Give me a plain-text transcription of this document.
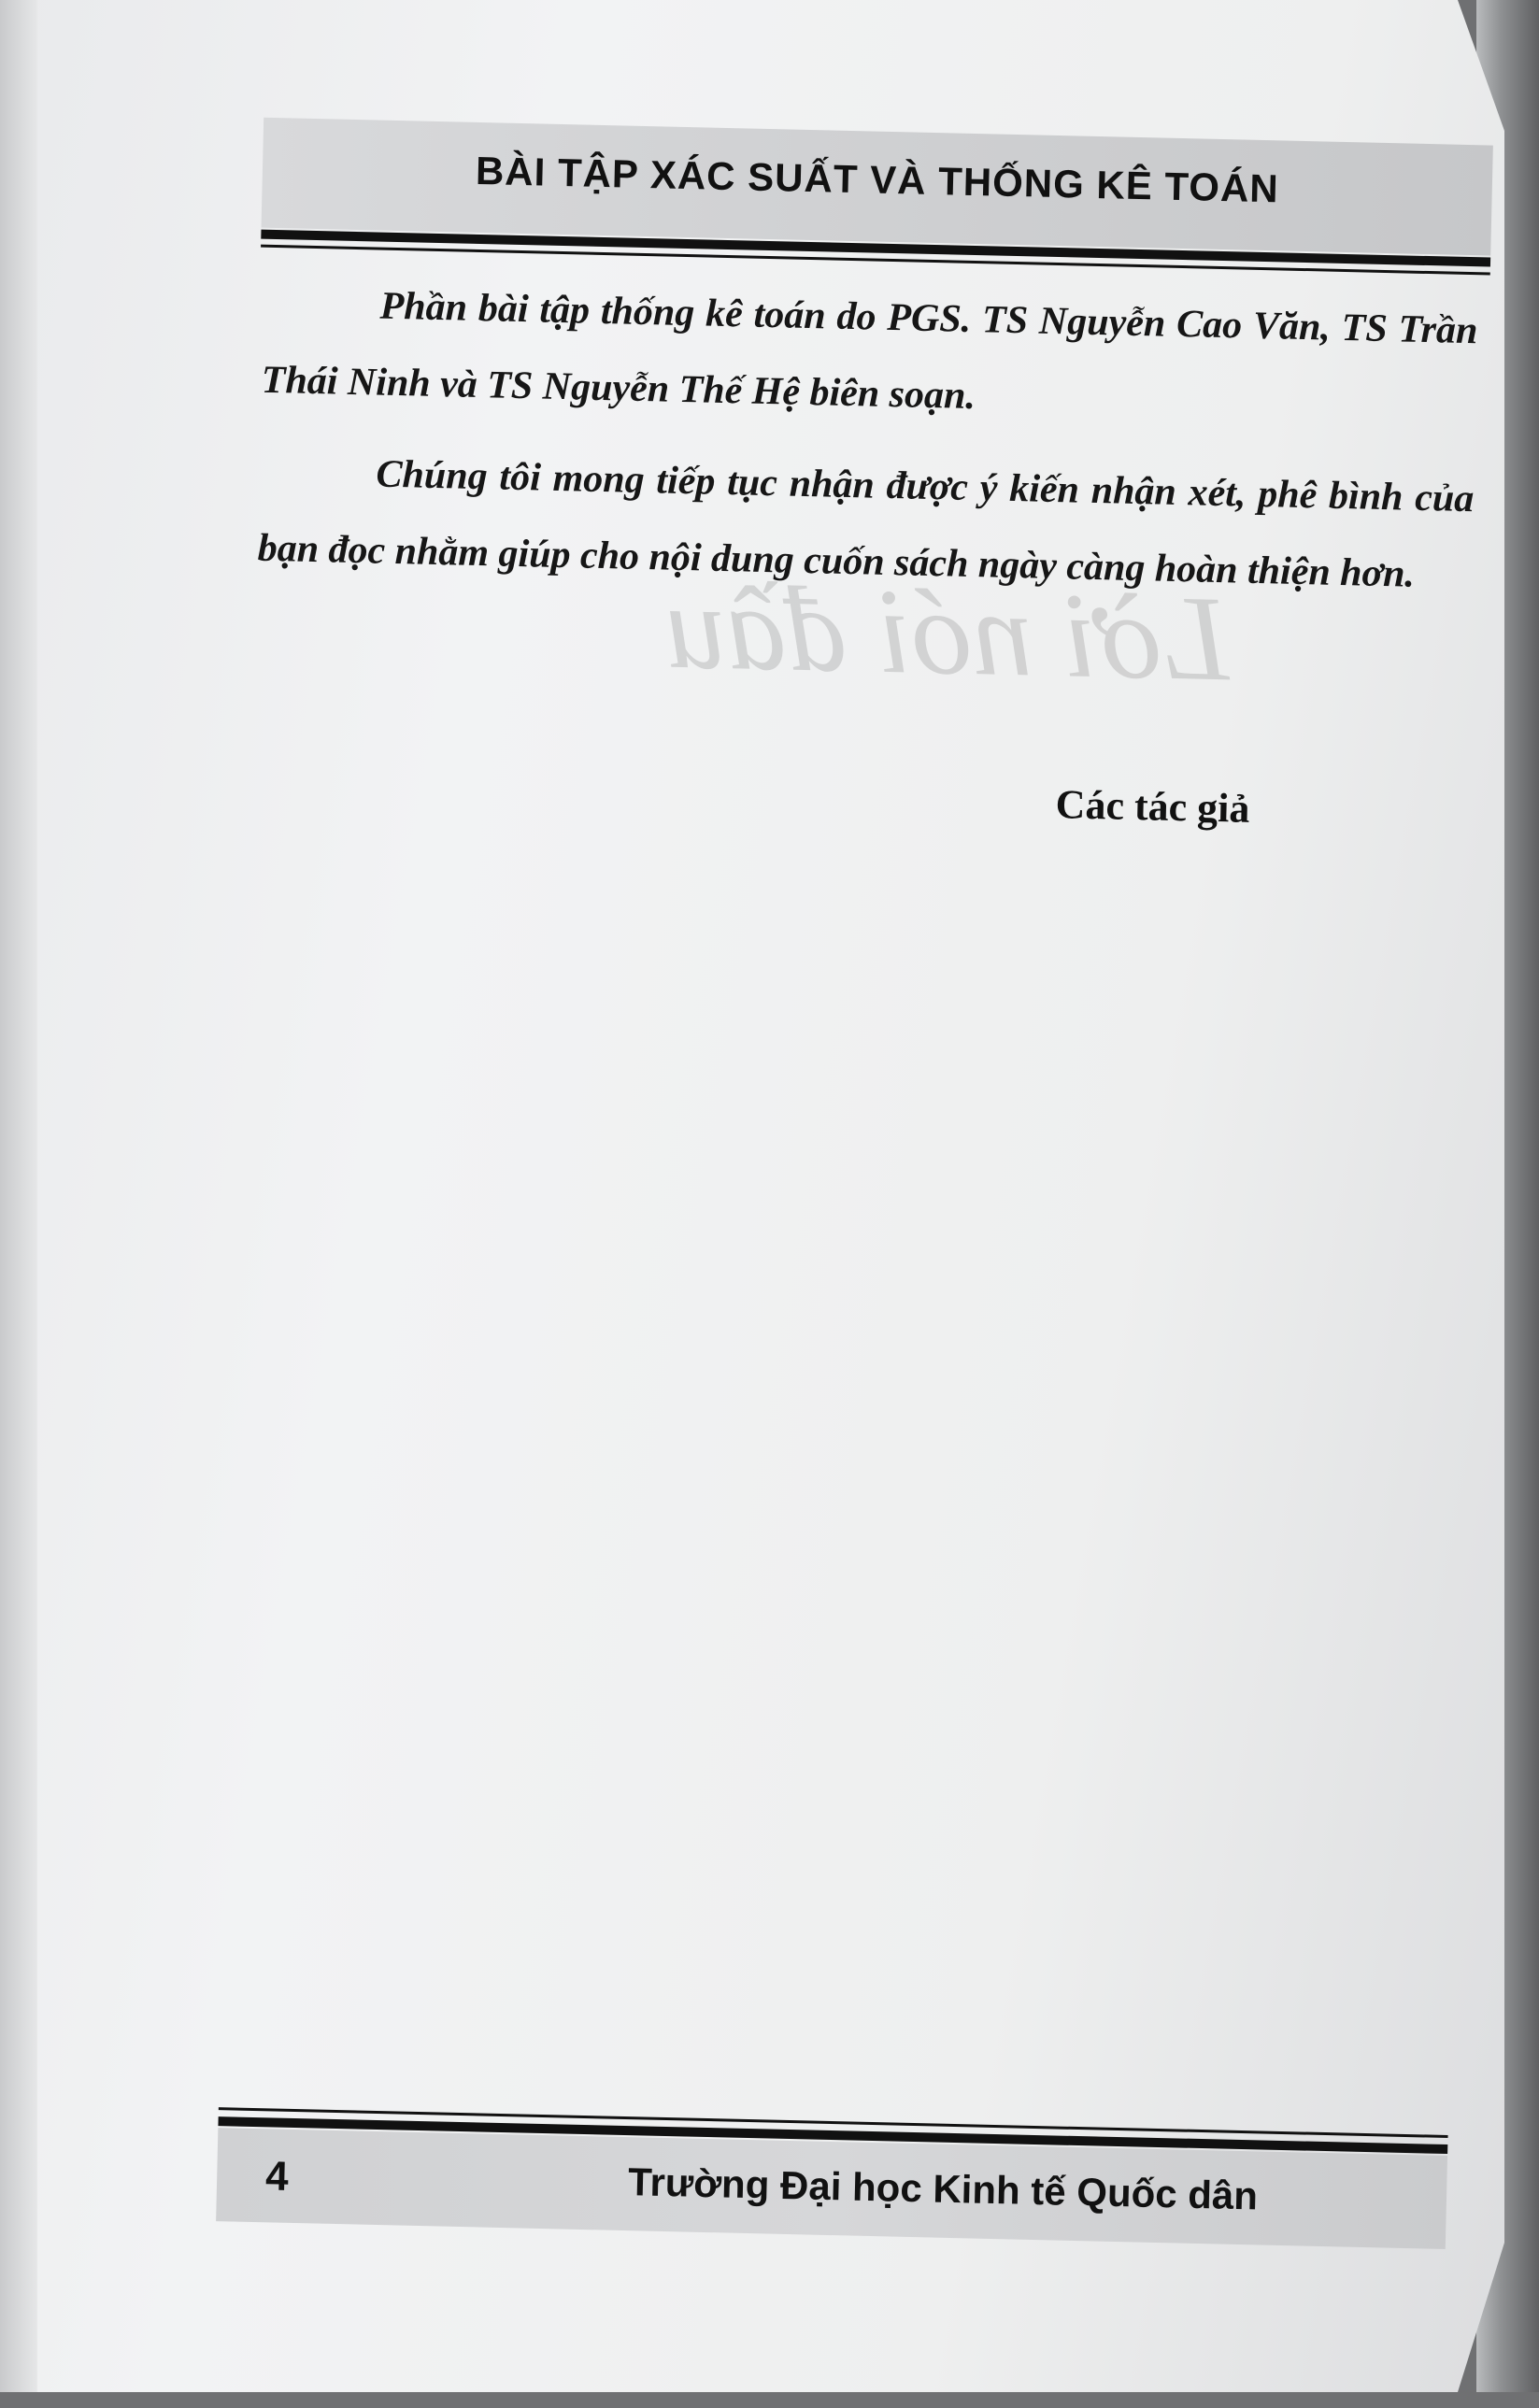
Lời nói đầu
BÀI TẬP XÁC SUẤT VÀ THỐNG KÊ TOÁN

Phần bài tập thống kê toán do PGS. TS Nguyễn Cao Văn, TS Trần Thái Ninh và TS Nguyễn Thế Hệ biên soạn.

Chúng tôi mong tiếp tục nhận được ý kiến nhận xét, phê bình của bạn đọc nhằm giúp cho nội dung cuốn sách ngày càng hoàn thiện hơn.

Các tác giả
4	Trường Đại học Kinh tế Quốc dân
